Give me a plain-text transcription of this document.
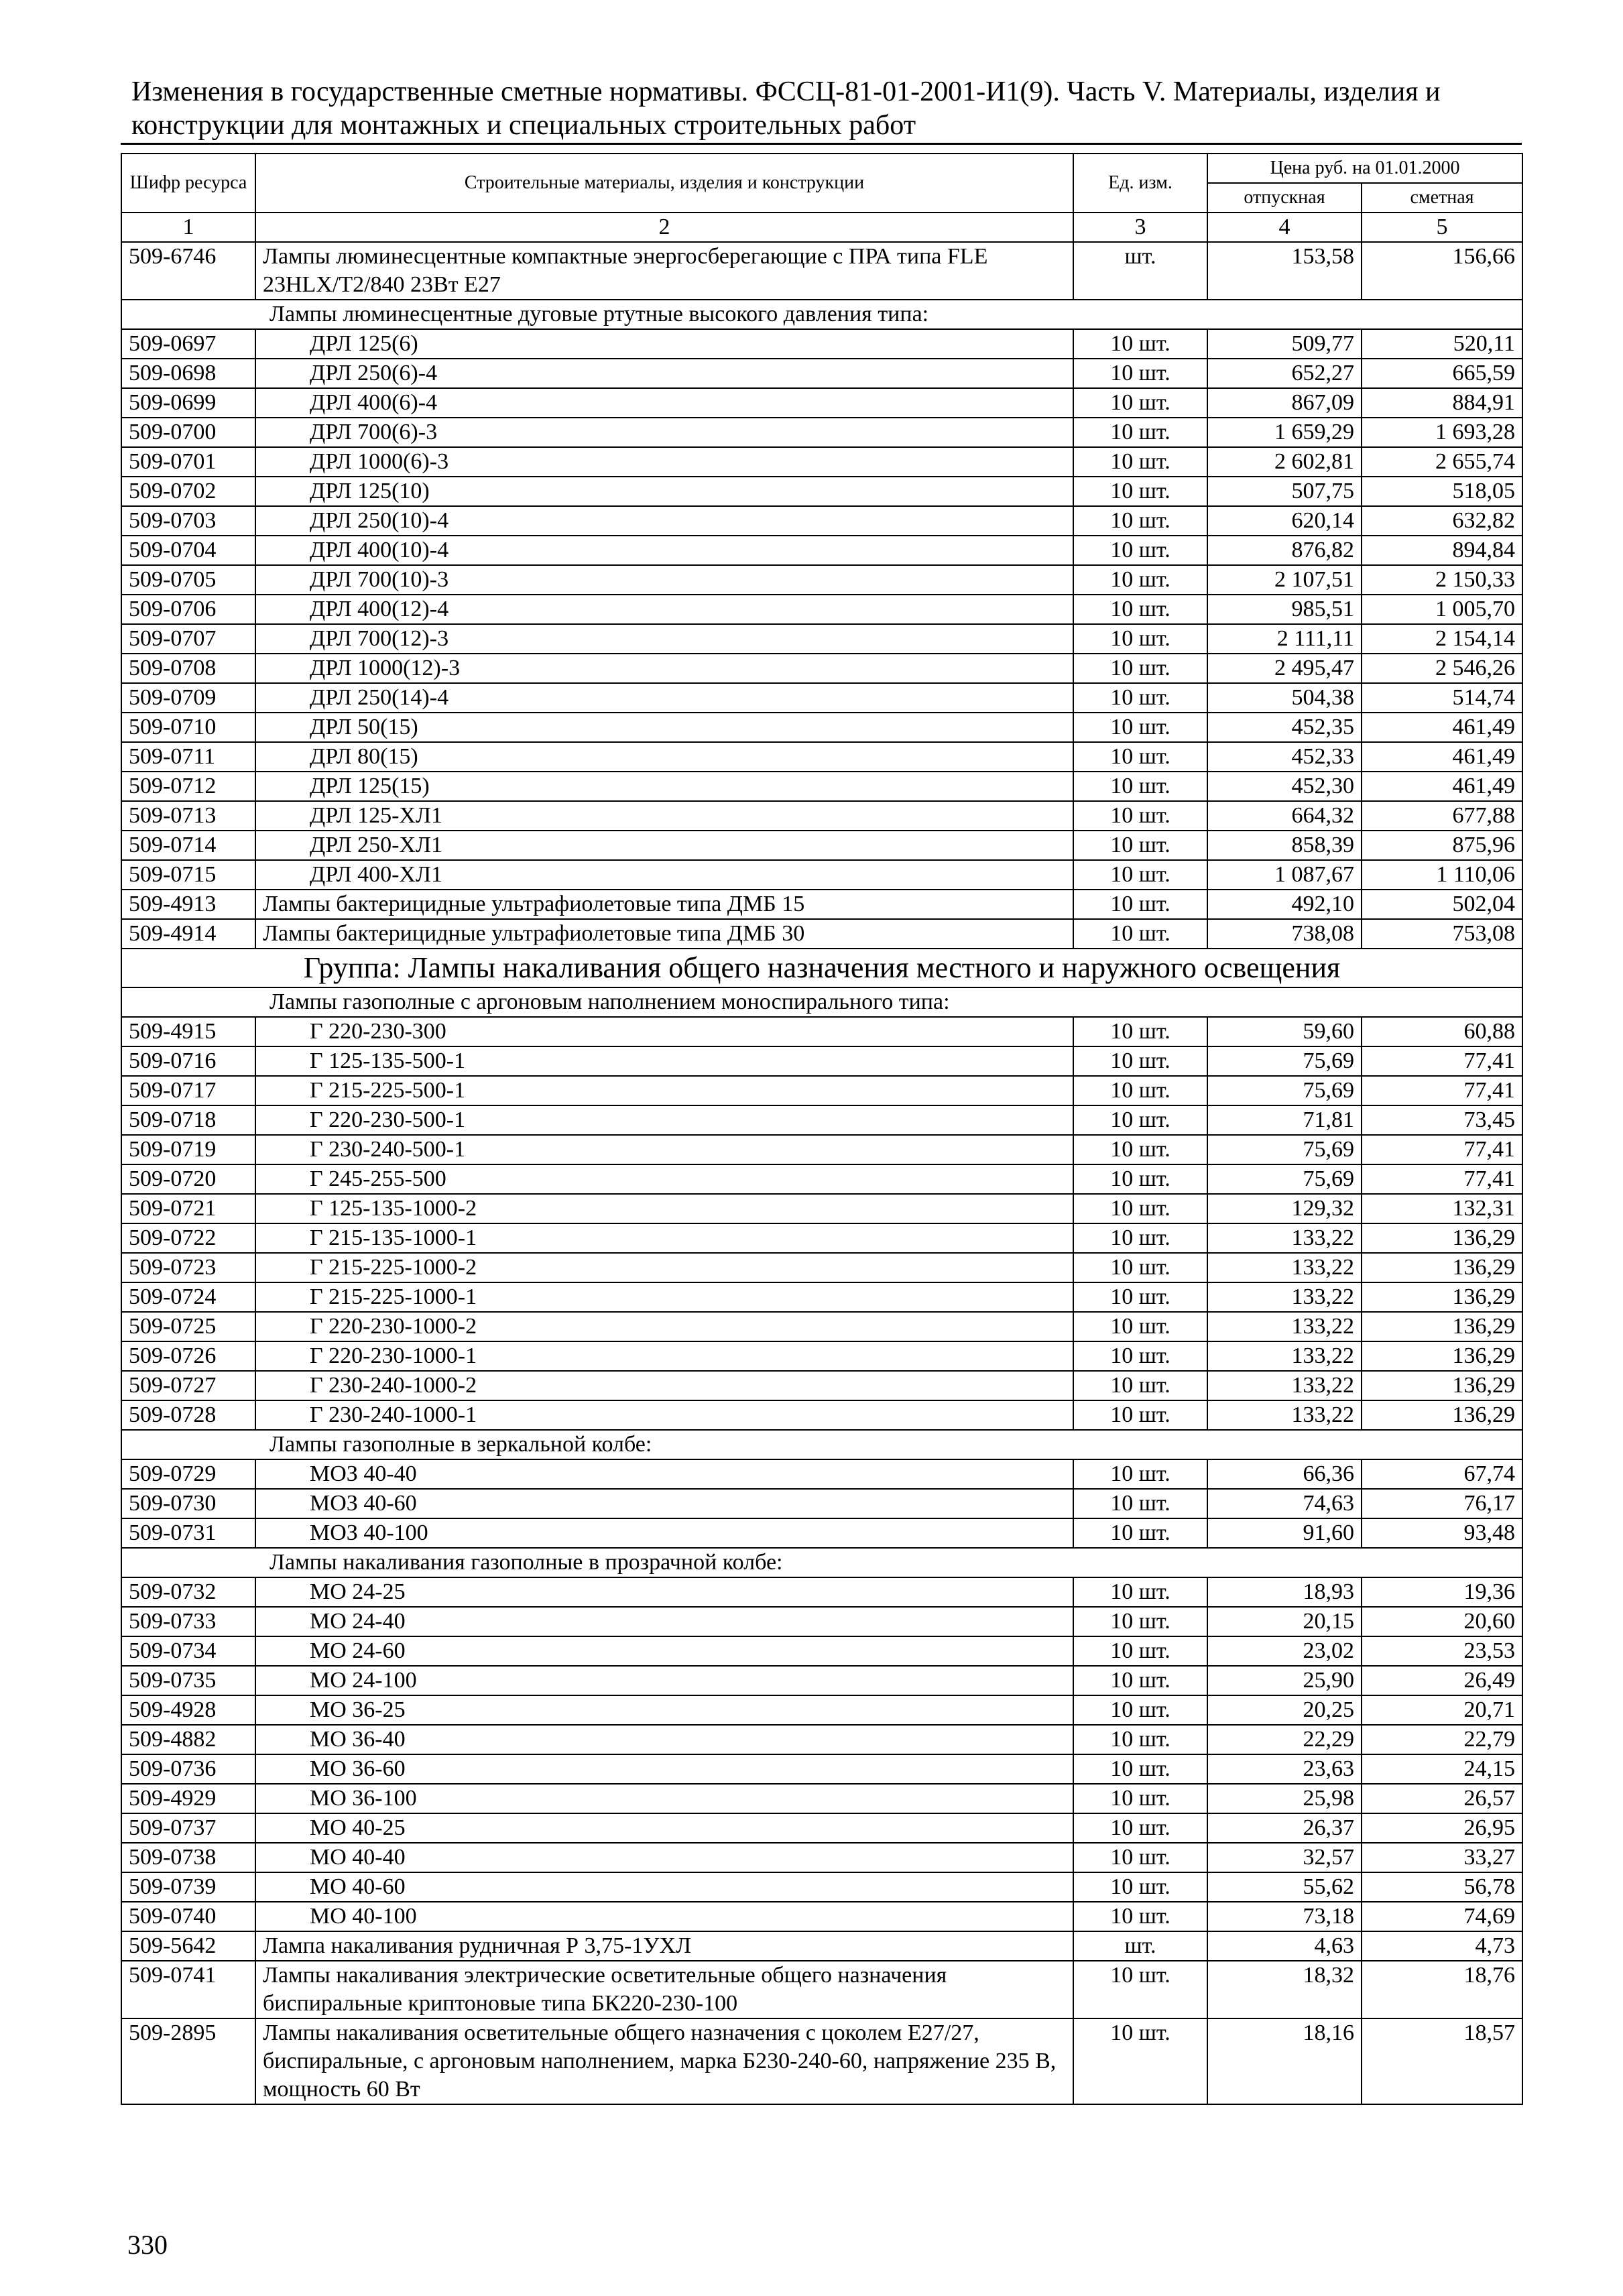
Изменения в государственные сметные нормативы. ФССЦ-81-01-2001-И1(9). Часть V. Материалы, изделия и конструкции для монтажных и специальных строительных работ
Шифр ресурса	Строительные материалы, изделия и конструкции	Ед. изм.	Цена руб. на 01.01.2000	
			отпускная	сметная
1	2	3	4	5
509-6746	Лампы люминесцентные компактные энергосберегающие с ПРА типа FLE 23HLX/T2/840 23Вт E27	шт.	153,58	156,66
Лампы люминесцентные дуговые ртутные высокого давления типа:				
509-0697	ДРЛ 125(6)	10 шт.	509,77	520,11
509-0698	ДРЛ 250(6)-4	10 шт.	652,27	665,59
509-0699	ДРЛ 400(6)-4	10 шт.	867,09	884,91
509-0700	ДРЛ 700(6)-3	10 шт.	1 659,29	1 693,28
509-0701	ДРЛ 1000(6)-3	10 шт.	2 602,81	2 655,74
509-0702	ДРЛ 125(10)	10 шт.	507,75	518,05
509-0703	ДРЛ 250(10)-4	10 шт.	620,14	632,82
509-0704	ДРЛ 400(10)-4	10 шт.	876,82	894,84
509-0705	ДРЛ 700(10)-3	10 шт.	2 107,51	2 150,33
509-0706	ДРЛ 400(12)-4	10 шт.	985,51	1 005,70
509-0707	ДРЛ 700(12)-3	10 шт.	2 111,11	2 154,14
509-0708	ДРЛ 1000(12)-3	10 шт.	2 495,47	2 546,26
509-0709	ДРЛ 250(14)-4	10 шт.	504,38	514,74
509-0710	ДРЛ 50(15)	10 шт.	452,35	461,49
509-0711	ДРЛ 80(15)	10 шт.	452,33	461,49
509-0712	ДРЛ 125(15)	10 шт.	452,30	461,49
509-0713	ДРЛ 125-ХЛ1	10 шт.	664,32	677,88
509-0714	ДРЛ 250-ХЛ1	10 шт.	858,39	875,96
509-0715	ДРЛ 400-ХЛ1	10 шт.	1 087,67	1 110,06
509-4913	Лампы бактерицидные ультрафиолетовые типа ДМБ 15	10 шт.	492,10	502,04
509-4914	Лампы бактерицидные ультрафиолетовые типа ДМБ 30	10 шт.	738,08	753,08
Группа: Лампы накаливания общего назначения местного и наружного освещения				
Лампы газополные с аргоновым наполнением моноспирального типа:				
509-4915	Г 220-230-300	10 шт.	59,60	60,88
509-0716	Г 125-135-500-1	10 шт.	75,69	77,41
509-0717	Г 215-225-500-1	10 шт.	75,69	77,41
509-0718	Г 220-230-500-1	10 шт.	71,81	73,45
509-0719	Г 230-240-500-1	10 шт.	75,69	77,41
509-0720	Г 245-255-500	10 шт.	75,69	77,41
509-0721	Г 125-135-1000-2	10 шт.	129,32	132,31
509-0722	Г 215-135-1000-1	10 шт.	133,22	136,29
509-0723	Г 215-225-1000-2	10 шт.	133,22	136,29
509-0724	Г 215-225-1000-1	10 шт.	133,22	136,29
509-0725	Г 220-230-1000-2	10 шт.	133,22	136,29
509-0726	Г 220-230-1000-1	10 шт.	133,22	136,29
509-0727	Г 230-240-1000-2	10 шт.	133,22	136,29
509-0728	Г 230-240-1000-1	10 шт.	133,22	136,29
Лампы газополные в зеркальной колбе:				
509-0729	МОЗ 40-40	10 шт.	66,36	67,74
509-0730	МОЗ 40-60	10 шт.	74,63	76,17
509-0731	МОЗ 40-100	10 шт.	91,60	93,48
Лампы накаливания газополные в прозрачной колбе:				
509-0732	МО 24-25	10 шт.	18,93	19,36
509-0733	МО 24-40	10 шт.	20,15	20,60
509-0734	МО 24-60	10 шт.	23,02	23,53
509-0735	МО 24-100	10 шт.	25,90	26,49
509-4928	МО 36-25	10 шт.	20,25	20,71
509-4882	МО 36-40	10 шт.	22,29	22,79
509-0736	МО 36-60	10 шт.	23,63	24,15
509-4929	МО 36-100	10 шт.	25,98	26,57
509-0737	МО 40-25	10 шт.	26,37	26,95
509-0738	МО 40-40	10 шт.	32,57	33,27
509-0739	МО 40-60	10 шт.	55,62	56,78
509-0740	МО 40-100	10 шт.	73,18	74,69
509-5642	Лампа накаливания рудничная Р 3,75-1УХЛ	шт.	4,63	4,73
509-0741	Лампы накаливания электрические осветительные общего назначения биспиральные криптоновые типа БК220-230-100	10 шт.	18,32	18,76
509-2895	Лампы накаливания осветительные общего назначения с цоколем Е27/27, биспиральные, с аргоновым наполнением, марка Б230-240-60, напряжение 235 В, мощность 60 Вт	10 шт.	18,16	18,57
330
